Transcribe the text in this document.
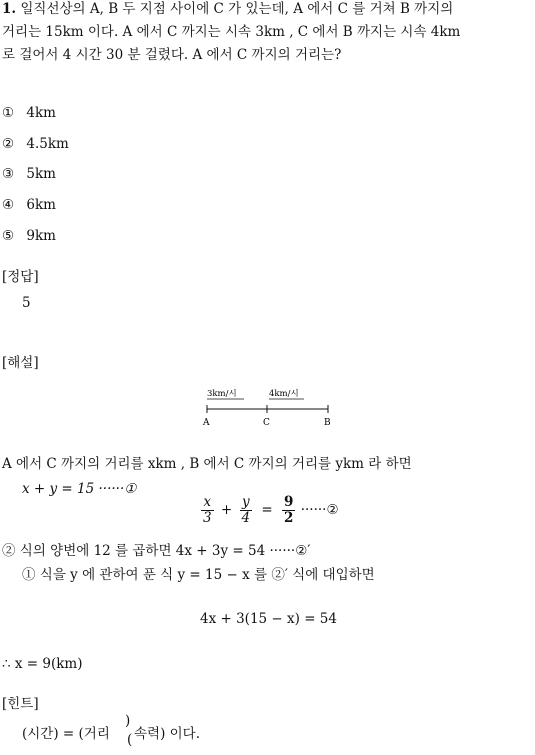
1. 일직선상의 A, B 두 지점 사이에 C 가 있는데, A 에서 C 를 거쳐 B 까지의
거리는 15km 이다. A 에서 C 까지는 시속 3km , C 에서 B 까지는 시속 4km
로 걸어서 4 시간 30 분 걸렸다. A 에서 C 까지의 거리는?
① 4km
② 4.5km
③ 5km
④ 6km
⑤ 9km
[정답]
5
[해설]
3km/시	4km/시
A	C	B
A 에서 C 까지의 거리를 xkm , B 에서 C 까지의 거리를 ykm 라 하면
x + y = 15 ······①
$\frac{x}{3} + \frac{y}{4} = \frac{9}{2}$ ······②
② 식의 양변에 12 를 곱하면 4x + 3y = 54 ······②′
① 식을 y 에 관하여 푼 식 y = 15 − x 를 ②′ 식에 대입하면
4x + 3(15 − x) = 54
∴ x = 9(km)
[힌트]
(시간) = (거리
)
( 속력) 이다.
